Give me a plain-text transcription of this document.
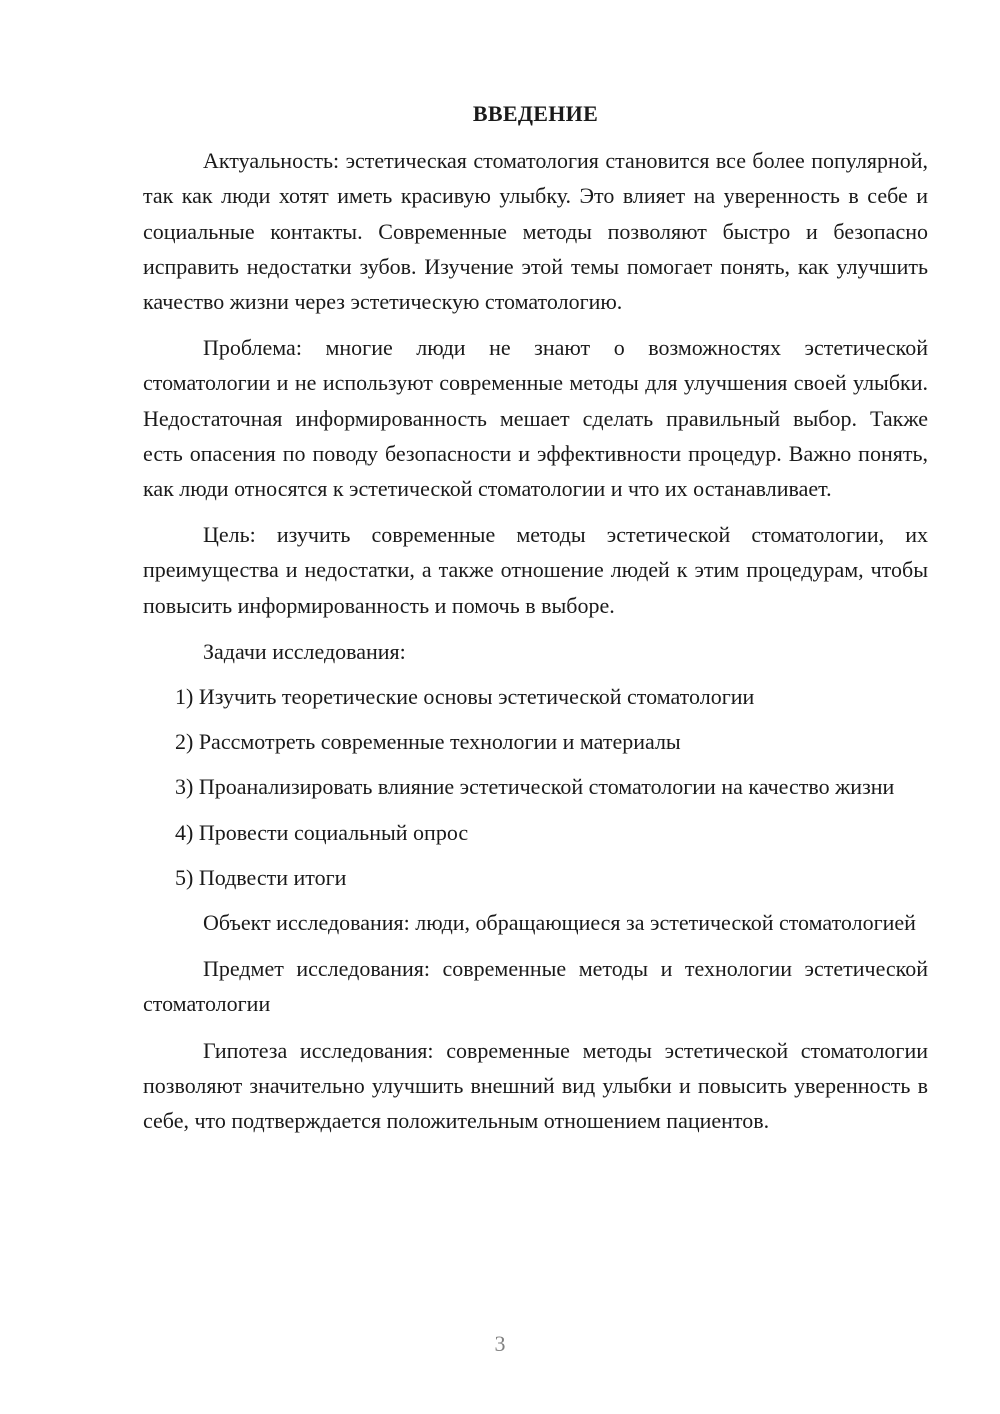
ВВЕДЕНИЕ

Актуальность: эстетическая стоматология становится все более популярной, так как люди хотят иметь красивую улыбку. Это влияет на уверенность в себе и социальные контакты. Современные методы позволяют быстро и безопасно исправить недостатки зубов. Изучение этой темы помогает понять, как улучшить качество жизни через эстетическую стоматологию.

Проблема: многие люди не знают о возможностях эстетической стоматологии и не используют современные методы для улучшения своей улыбки. Недостаточная информированность мешает сделать правильный выбор. Также есть опасения по поводу безопасности и эффективности процедур. Важно понять, как люди относятся к эстетической стоматологии и что их останавливает.

Цель: изучить современные методы эстетической стоматологии, их преимущества и недостатки, а также отношение людей к этим процедурам, чтобы повысить информированность и помочь в выборе.

Задачи исследования:

1) Изучить теоретические основы эстетической стоматологии

2) Рассмотреть современные технологии и материалы

3) Проанализировать влияние эстетической стоматологии на качество жизни

4) Провести социальный опрос

5) Подвести итоги

Объект исследования: люди, обращающиеся за эстетической стоматологией

Предмет исследования: современные методы и технологии эстетической стоматологии

Гипотеза исследования: современные методы эстетической стоматологии позволяют значительно улучшить внешний вид улыбки и повысить уверенность в себе, что подтверждается положительным отношением пациентов.

3
